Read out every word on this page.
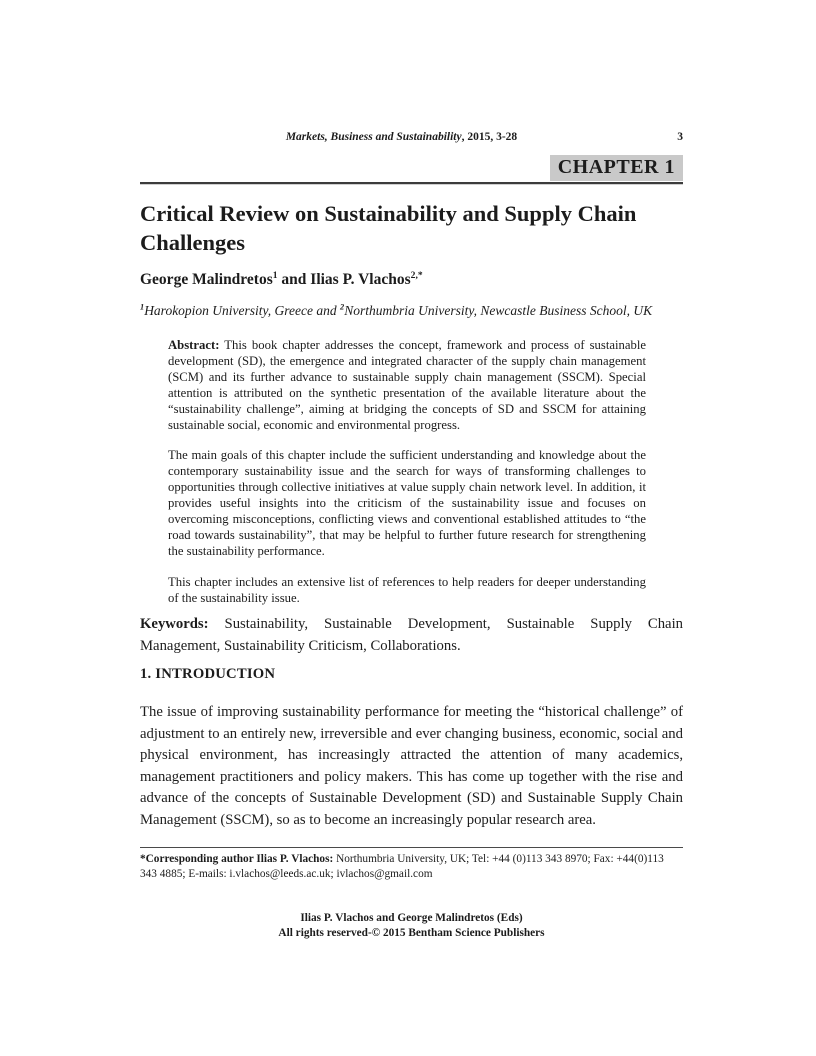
Markets, Business and Sustainability, 2015, 3-28	3
CHAPTER 1
Critical Review on Sustainability and Supply Chain Challenges
George Malindretos$^1$ and Ilias P. Vlachos$^{2,*}$
$^1$Harokopion University, Greece and $^2$Northumbria University, Newcastle Business School, UK

Abstract: This book chapter addresses the concept, framework and process of sustainable development (SD), the emergence and integrated character of the supply chain management (SCM) and its further advance to sustainable supply chain management (SSCM). Special attention is attributed on the synthetic presentation of the available literature about the “sustainability challenge”, aiming at bridging the concepts of SD and SSCM for attaining sustainable social, economic and environmental progress.

The main goals of this chapter include the sufficient understanding and knowledge about the contemporary sustainability issue and the search for ways of transforming challenges to opportunities through collective initiatives at value supply chain network level. In addition, it provides useful insights into the criticism of the sustainability issue and focuses on overcoming misconceptions, conflicting views and conventional established attitudes to “the road towards sustainability”, that may be helpful to further future research for strengthening the sustainability performance.

This chapter includes an extensive list of references to help readers for deeper understanding of the sustainability issue.

Keywords: Sustainability, Sustainable Development, Sustainable Supply Chain Management, Sustainability Criticism, Collaborations.
1. INTRODUCTION

The issue of improving sustainability performance for meeting the “historical challenge” of adjustment to an entirely new, irreversible and ever changing business, economic, social and physical environment, has increasingly attracted the attention of many academics, management practitioners and policy makers. This has come up together with the rise and advance of the concepts of Sustainable Development (SD) and Sustainable Supply Chain Management (SSCM), so as to become an increasingly popular research area.

*Corresponding author Ilias P. Vlachos: Northumbria University, UK; Tel: +44 (0)113 343 8970; Fax: +44(0)113 343 4885; E-mails: i.vlachos@leeds.ac.uk; ivlachos@gmail.com

Ilias P. Vlachos and George Malindretos (Eds)
All rights reserved-© 2015 Bentham Science Publishers
